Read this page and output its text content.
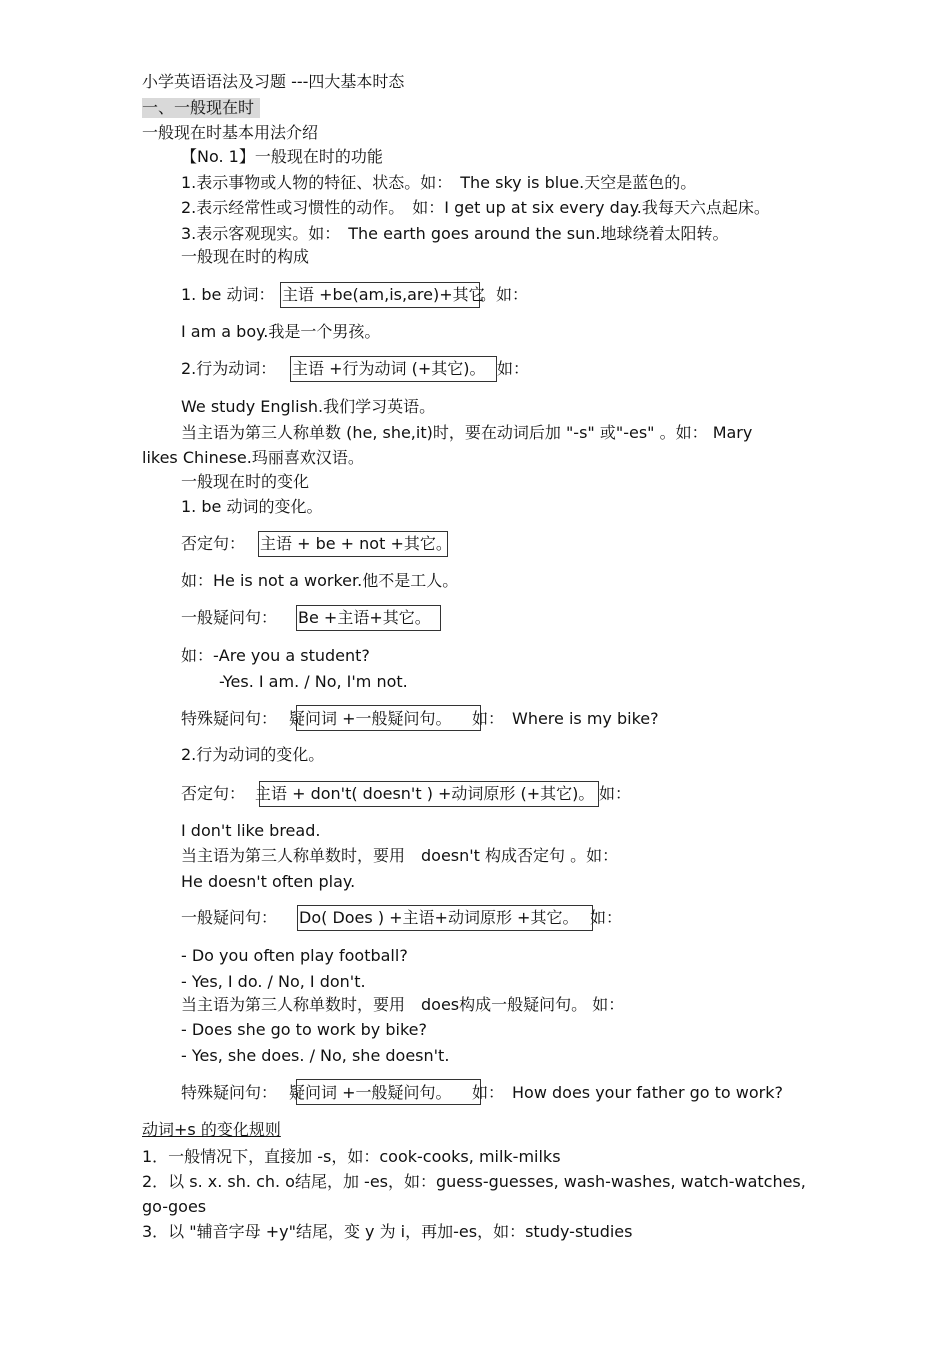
小学英语语法及习题 ---四大基本时态
一、一般现在时
一般现在时基本用法介绍
【No. 1】一般现在时的功能
1.表示事物或人物的特征、状态。如：　The sky is blue.天空是蓝色的。
2.表示经常性或习惯性的动作。　如：I get up at six every day.我每天六点起床。
3.表示客观现实。如：　The earth goes around the sun.地球绕着太阳转。
一般现在时的构成
1. be 动词： 主语 +be(am,is,are)+其它
。如：
I am a boy.我是一个男孩。
2.行为动词： 主语 +行为动词 (+其它)。 如：
We study English.我们学习英语。
当主语为第三人称单数 (he, she,it)时，要在动词后加 "-s" 或"-es" 。如： Mary
likes Chinese.玛丽喜欢汉语。
一般现在时的变化
1. be 动词的变化。
否定句： 主语 + be + not +其它。
如：He is not a worker.他不是工人。
一般疑问句： Be +主语+其它。
如：-Are you a student?
-Yes. I am. / No, I'm not.
特殊疑问句： 疑问词 +一般疑问句。 如：　Where is my bike?
2.行为动词的变化。
否定句： 主语 + don't( doesn't ) +动词原形 (+其它)。 如：
I don't like bread.
当主语为第三人称单数时，要用　doesn't 构成否定句 。如：
He doesn't often play.
一般疑问句： Do( Does ) +主语+动词原形 +其它。 如：
- Do you often play football?
- Yes, I do. / No, I don't.
当主语为第三人称单数时，要用　does构成一般疑问句。 如：
- Does she go to work by bike?
- Yes, she does. / No, she doesn't.
特殊疑问句： 疑问词 +一般疑问句。 如：　How does your father go to work?
动词+s 的变化规则
1．一般情况下，直接加 -s，如：cook-cooks, milk-milks
2．以 s. x. sh. ch. o结尾，加 -es，如：guess-guesses, wash-washes, watch-watches,
go-goes
3．以 "辅音字母 +y"结尾，变 y 为 i，再加-es，如：study-studies
